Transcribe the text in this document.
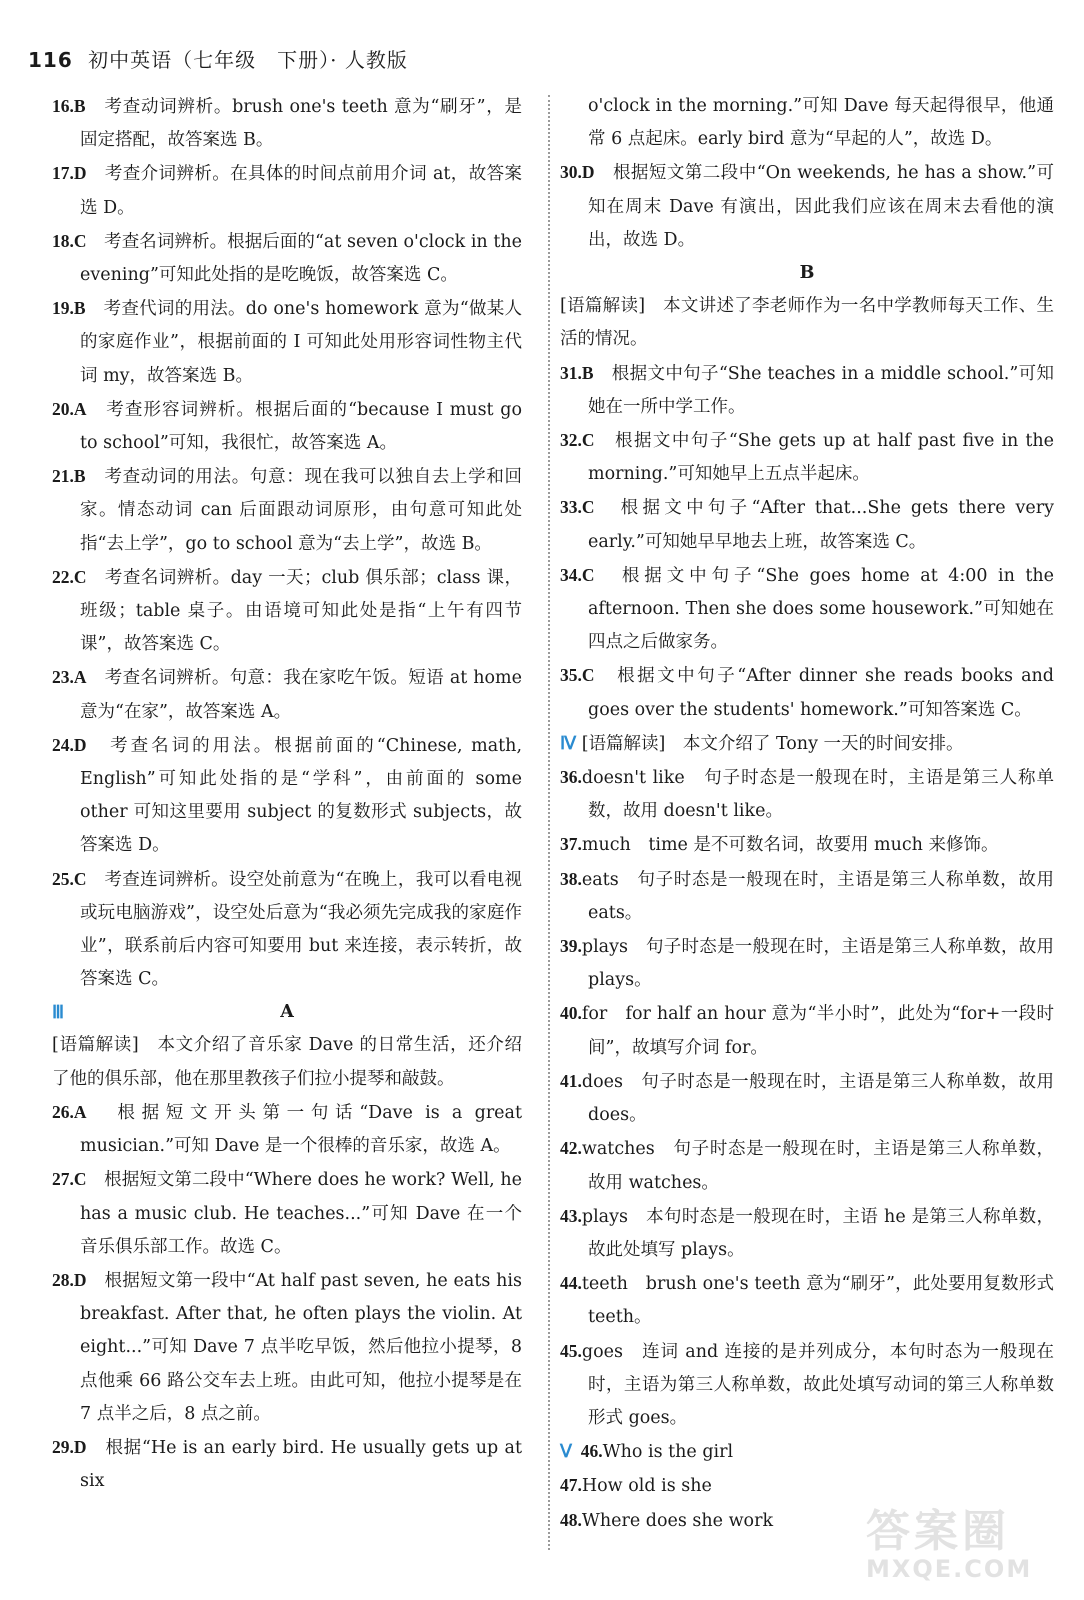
116 初中英语（七年级　下册）· 人教版
16.B　 考查动词辨析。brush one's teeth 意为“刷牙”，是固定搭配，故答案选 B。
17.D　 考查介词辨析。在具体的时间点前用介词 at，故答案选 D。
18.C　 考查名词辨析。根据后面的“at seven o'clock in the evening”可知此处指的是吃晚饭，故答案选 C。
19.B　 考查代词的用法。do one's homework 意为“做某人的家庭作业”，根据前面的 I 可知此处用形容词性物主代词 my，故答案选 B。
20.A　 考查形容词辨析。根据后面的“because I must go to school”可知，我很忙，故答案选 A。
21.B　 考查动词的用法。句意：现在我可以独自去上学和回家。情态动词 can 后面跟动词原形，由句意可知此处指“去上学”，go to school 意为“去上学”，故选 B。
22.C　 考查名词辨析。day 一天；club 俱乐部；class 课，班级；table 桌子。由语境可知此处是指“上午有四节课”，故答案选 C。
23.A　 考查名词辨析。句意：我在家吃午饭。短语 at home 意为“在家”，故答案选 A。
24.D　 考查名词的用法。根据前面的“Chinese, math, English”可知此处指的是“学科”，由前面的 some other 可知这里要用 subject 的复数形式 subjects，故答案选 D。
25.C　 考查连词辨析。设空处前意为“在晚上，我可以看电视或玩电脑游戏”，设空处后意为“我必须先完成我的家庭作业”，联系前后内容可知要用 but 来连接，表示转折，故答案选 C。
Ⅲ	A
[语篇解读]　本文介绍了音乐家 Dave 的日常生活，还介绍了他的俱乐部，他在那里教孩子们拉小提琴和敲鼓。
26.A　 根据短文开头第一句话“Dave is a great musician.”可知 Dave 是一个很棒的音乐家，故选 A。
27.C　 根据短文第二段中“Where does he work? Well, he has a music club. He teaches...”可知 Dave 在一个音乐俱乐部工作。故选 C。
28.D　 根据短文第一段中“At half past seven, he eats his breakfast. After that, he often plays the violin. At eight...”可知 Dave 7 点半吃早饭，然后他拉小提琴，8 点他乘 66 路公交车去上班。由此可知，他拉小提琴是在 7 点半之后，8 点之前。
29.D　 根据“He is an early bird. He usually gets up at six
o'clock in the morning.”可知 Dave 每天起得很早，他通常 6 点起床。early bird 意为“早起的人”，故选 D。
30.D　 根据短文第二段中“On weekends, he has a show.”可知在周末 Dave 有演出，因此我们应该在周末去看他的演出，故选 D。
B
[语篇解读]　本文讲述了李老师作为一名中学教师每天工作、生活的情况。
31.B　 根据文中句子“She teaches in a middle school.”可知她在一所中学工作。
32.C　 根据文中句子“She gets up at half past five in the morning.”可知她早上五点半起床。
33.C　 根据文中句子“After that...She gets there very early.”可知她早早地去上班，故答案选 C。
34.C　 根据文中句子“She goes home at 4:00 in the afternoon. Then she does some housework.”可知她在四点之后做家务。
35.C　 根据文中句子“After dinner she reads books and goes over the students' homework.”可知答案选 C。
Ⅳ [语篇解读]　本文介绍了 Tony 一天的时间安排。
36.doesn't like　 句子时态是一般现在时，主语是第三人称单数，故用 doesn't like。
37.much　 time 是不可数名词，故要用 much 来修饰。
38.eats　 句子时态是一般现在时，主语是第三人称单数，故用 eats。
39.plays　 句子时态是一般现在时，主语是第三人称单数，故用 plays。
40.for　 for half an hour 意为“半小时”，此处为“for+一段时间”，故填写介词 for。
41.does　 句子时态是一般现在时，主语是第三人称单数，故用 does。
42.watches　 句子时态是一般现在时，主语是第三人称单数，故用 watches。
43.plays　 本句时态是一般现在时，主语 he 是第三人称单数，故此处填写 plays。
44.teeth　 brush one's teeth 意为“刷牙”，此处要用复数形式 teeth。
45.goes　 连词 and 连接的是并列成分，本句时态为一般现在时，主语为第三人称单数，故此处填写动词的第三人称单数形式 goes。
Ⅴ  46.Who is the girl
47.How old is she
48.Where does she work	答案圈
MXQE.COM
